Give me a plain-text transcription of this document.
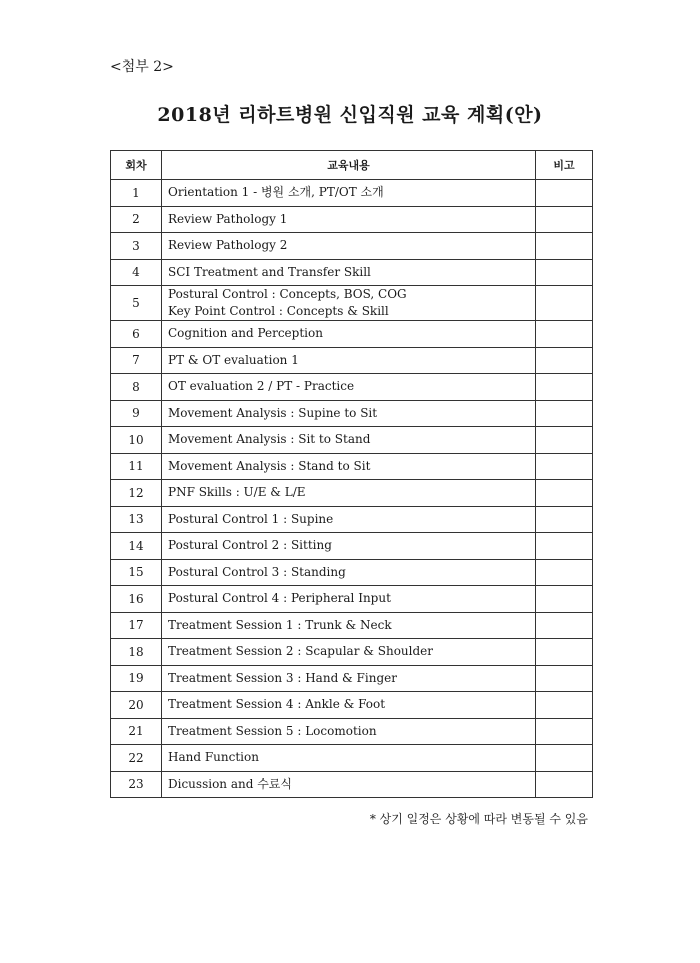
<첨부 2>
2018년 리하트병원 신입직원 교육 계획(안)
회차	교육내용	비고
1	Orientation 1 - 병원 소개, PT/OT 소개	
2	Review Pathology 1	
3	Review Pathology 2	
4	SCI Treatment and Transfer Skill	
5	Postural Control : Concepts, BOS, COG
Key Point Control : Concepts & Skill	

6	Cognition and Perception	
7	PT & OT evaluation 1	
8	OT evaluation 2 / PT - Practice	
9	Movement Analysis : Supine to Sit	
10	Movement Analysis : Sit to Stand	
11	Movement Analysis : Stand to Sit	
12	PNF Skills : U/E & L/E	
13	Postural Control 1 : Supine	
14	Postural Control 2 : Sitting	
15	Postural Control 3 : Standing	
16	Postural Control 4 : Peripheral Input	
17	Treatment Session 1 : Trunk & Neck	
18	Treatment Session 2 : Scapular & Shoulder	
19	Treatment Session 3 : Hand & Finger	
20	Treatment Session 4 : Ankle & Foot	
21	Treatment Session 5 : Locomotion	
22	Hand Function	
23	Dicussion and 수료식	
* 상기 일정은 상황에 따라 변동될 수 있음
